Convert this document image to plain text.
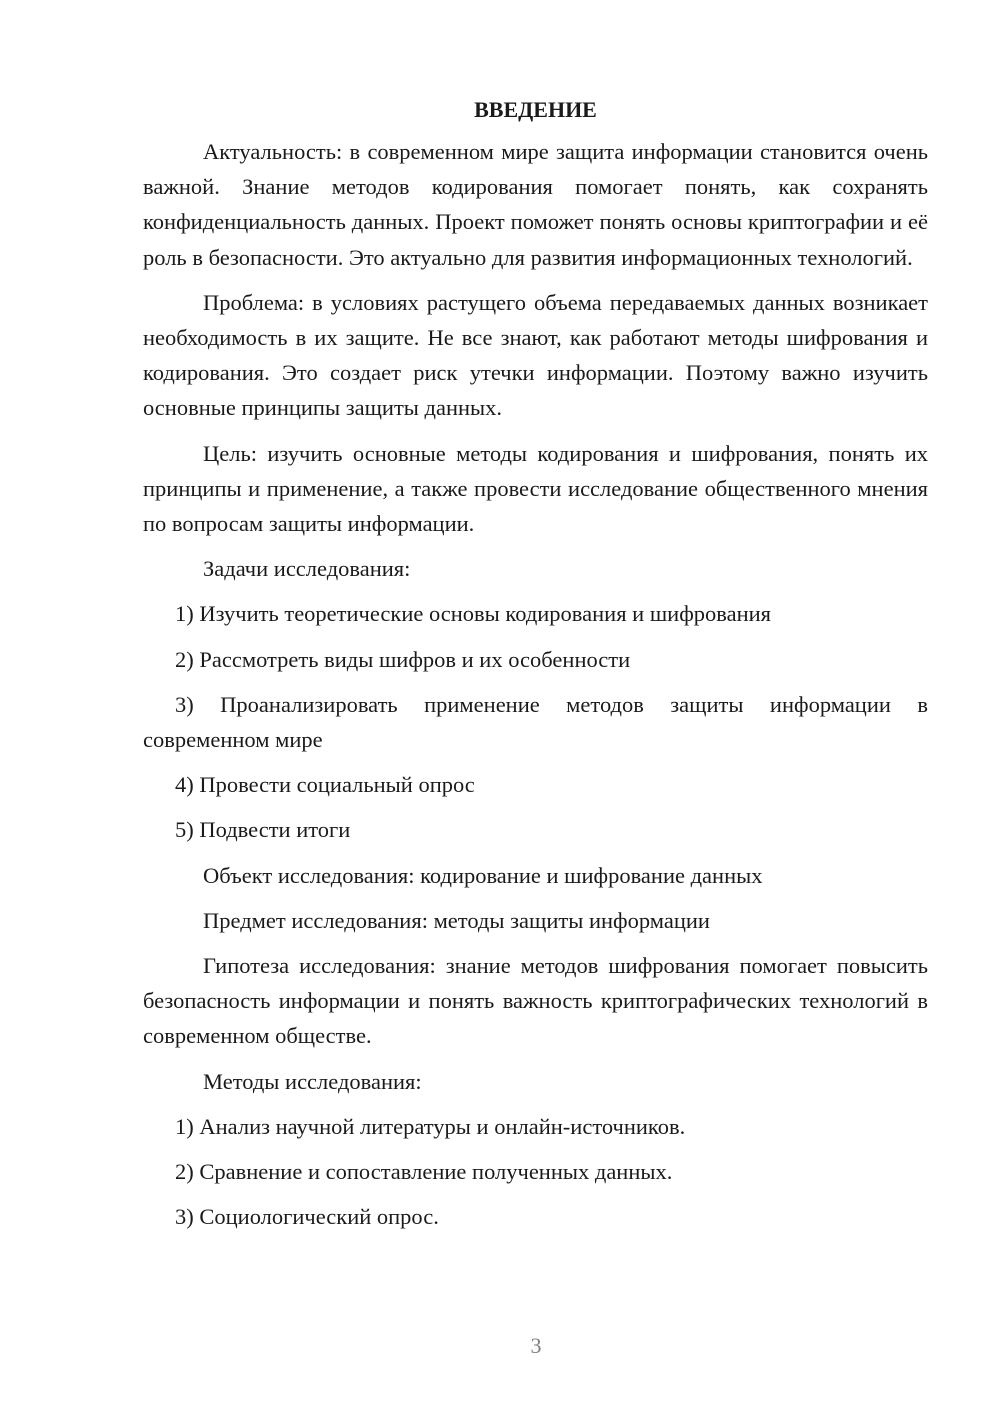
ВВЕДЕНИЕ

Актуальность: в современном мире защита информации становится очень важной. Знание методов кодирования помогает понять, как сохранять конфиденциальность данных. Проект поможет понять основы криптографии и её роль в безопасности. Это актуально для развития информационных технологий.

Проблема: в условиях растущего объема передаваемых данных возникает необходимость в их защите. Не все знают, как работают методы шифрования и кодирования. Это создает риск утечки информации. Поэтому важно изучить основные принципы защиты данных.

Цель: изучить основные методы кодирования и шифрования, понять их принципы и применение, а также провести исследование общественного мнения по вопросам защиты информации.

Задачи исследования:

1) Изучить теоретические основы кодирования и шифрования

2) Рассмотреть виды шифров и их особенности

3) Проанализировать применение методов защиты информации в современном мире

4) Провести социальный опрос

5) Подвести итоги

Объект исследования: кодирование и шифрование данных

Предмет исследования: методы защиты информации

Гипотеза исследования: знание методов шифрования помогает повысить безопасность информации и понять важность криптографических технологий в современном обществе.

Методы исследования:

1) Анализ научной литературы и онлайн-источников.

2) Сравнение и сопоставление полученных данных.

3) Социологический опрос.

3
